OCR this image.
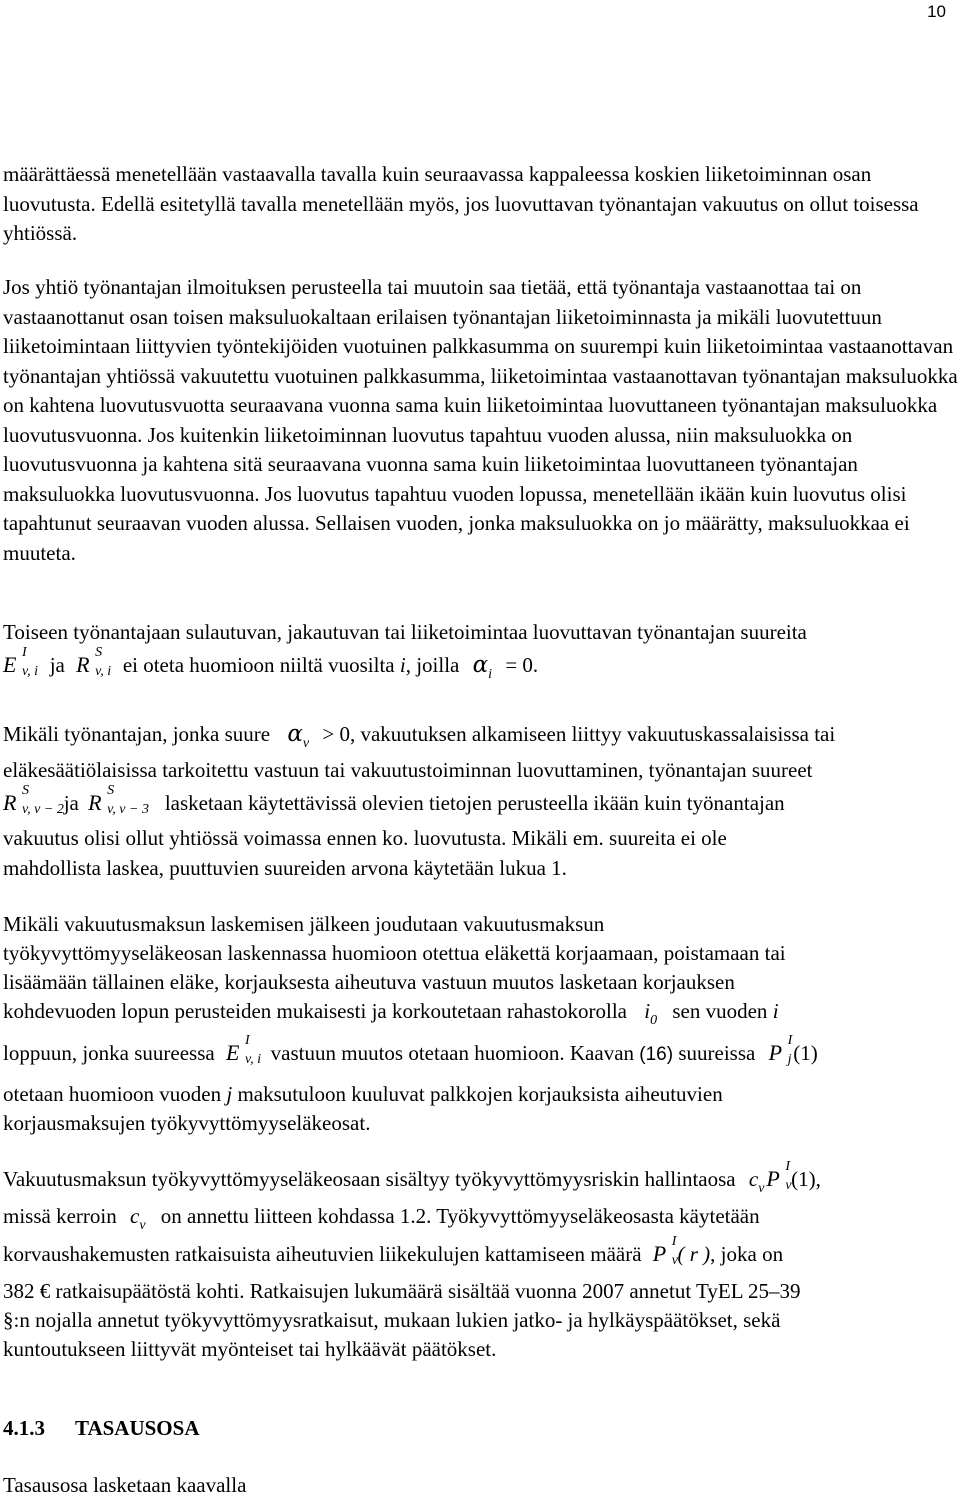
10

määrättäessä menetellään vastaavalla tavalla kuin seuraavassa kappaleessa koskien liiketoiminnan osan luovutusta. Edellä esitetyllä tavalla menetellään myös, jos luovuttavan työnantajan vakuutus on ollut toisessa yhtiössä.

Jos yhtiö työnantajan ilmoituksen perusteella tai muutoin saa tietää, että työnantaja vastaanottaa tai on vastaanottanut osan toisen maksuluokaltaan erilaisen työnantajan liiketoiminnasta ja mikäli luovutettuun liiketoimintaan liittyvien työntekijöiden vuotuinen palkkasumma on suurempi kuin liiketoimintaa vastaanottavan työnantajan yhtiössä vakuutettu vuotuinen palkkasumma, liiketoimintaa vastaanottavan työnantajan maksuluokka on kahtena luovutusvuotta seuraavana vuonna sama kuin liiketoimintaa luovuttaneen työnantajan maksuluokka luovutusvuonna. Jos kuitenkin liiketoiminnan luovutus tapahtuu vuoden alussa, niin maksuluokka on luovutusvuonna ja kahtena sitä seuraavana vuonna sama kuin liiketoimintaa luovuttaneen työnantajan maksuluokka luovutusvuonna. Jos luovutus tapahtuu vuoden lopussa, menetellään ikään kuin luovutus olisi tapahtunut seuraavan vuoden alussa. Sellaisen vuoden, jonka maksuluokka on jo määrätty, maksuluokkaa ei muuteta.

Toiseen työnantajaan sulautuvan, jakautuvan tai liiketoimintaa luovuttavan työnantajan suureita
E I
v, i ja R S
v, i ei oteta huomioon niiltä vuosilta i, joilla $\alpha_i = 0$.
Mikäli työnantajan, jonka suure $\alpha_v > 0$, vakuutuksen alkamiseen liittyy vakuutuskassalaisissa tai
eläkesäätiölaisissa tarkoitettu vastuun tai vakuutustoiminnan luovuttaminen, työnantajan suureet
R S
v, v − 2 ja R S
v, v − 3 lasketaan käytettävissä olevien tietojen perusteella ikään kuin työnantajan
vakuutus olisi ollut yhtiössä voimassa ennen ko. luovutusta. Mikäli em. suureita ei ole
mahdollista laskea, puuttuvien suureiden arvona käytetään lukua 1.
Mikäli vakuutusmaksun laskemisen jälkeen joudutaan vakuutusmaksun
työkyvyttömyyseläkeosan laskennassa huomioon otettua eläkettä korjaamaan, poistamaan tai
lisäämään tällainen eläke, korjauksesta aiheutuva vastuun muutos lasketaan korjauksen
kohdevuoden lopun perusteiden mukaisesti ja korkoutetaan rahastokorolla $i_0$ sen vuoden i
loppuun, jonka suureessa E I
v, i vastuun muutos otetaan huomioon. Kaavan (16) suureissa P I
j (1)
otetaan huomioon vuoden j maksutuloon kuuluvat palkkojen korjauksista aiheutuvien
korjausmaksujen työkyvyttömyyseläkeosat.
Vakuutusmaksun työkyvyttömyyseläkeosaan sisältyy työkyvyttömyysriskin hallintaosa $c_vP$ I
v (1),
missä kerroin $c_v$ on annettu liitteen kohdassa 1.2. Työkyvyttömyyseläkeosasta käytetään
korvaushakemusten ratkaisuista aiheutuvien liikekulujen kattamiseen määrä P I
v ( r ), joka on
382 € ratkaisupäätöstä kohti. Ratkaisujen lukumäärä sisältää vuonna 2007 annetut TyEL 25–39
§:n nojalla annetut työkyvyttömyysratkaisut, mukaan lukien jatko- ja hylkäyspäätökset, sekä
kuntoutukseen liittyvät myönteiset tai hylkäävät päätökset.
4.1.3 TASAUSOSA
Tasausosa lasketaan kaavalla
